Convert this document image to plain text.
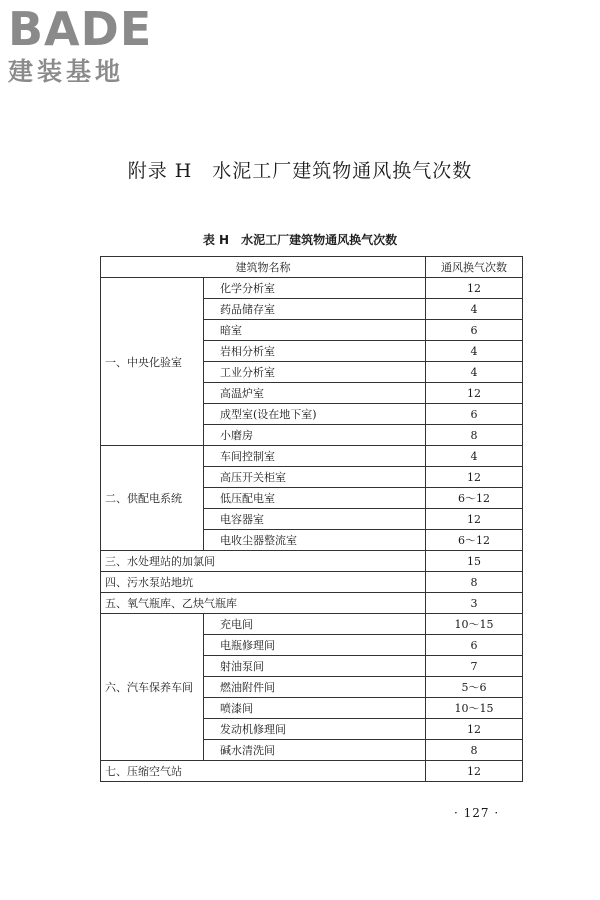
BADE
建装基地
附录 H　水泥工厂建筑物通风换气次数
表 H　水泥工厂建筑物通风换气次数
建筑物名称		通风换气次数
一、中央化验室	化学分析室	12
	药品储存室	4
	暗室	6
	岩相分析室	4
	工业分析室	4
	高温炉室	12
	成型室(设在地下室)	6
	小磨房	8
二、供配电系统	车间控制室	4
	高压开关柜室	12
	低压配电室	6～12
	电容器室	12
	电收尘器整流室	6～12
三、水处理站的加氯间		15
四、污水泵站地坑		8
五、氧气瓶库、乙炔气瓶库		3
六、汽车保养车间	充电间	10～15
	电瓶修理间	6
	射油泵间	7
	燃油附件间	5～6
	喷漆间	10～15
	发动机修理间	12
	碱水清洗间	8
七、压缩空气站		12
· 127 ·
